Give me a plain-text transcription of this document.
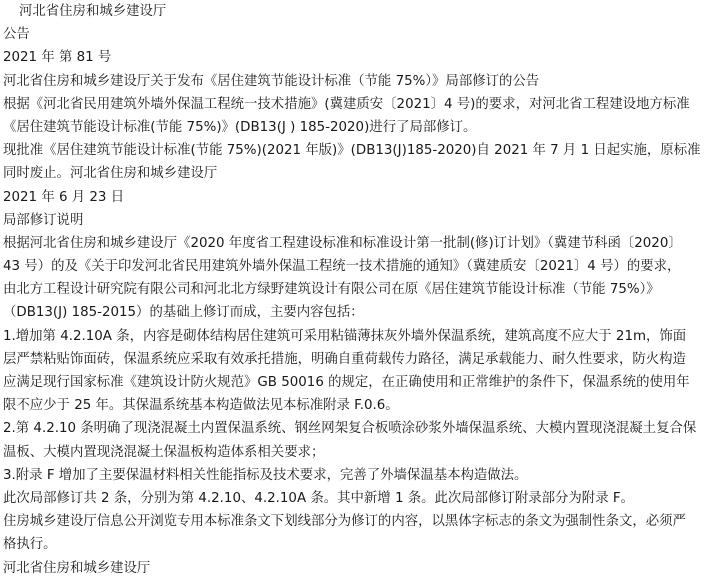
河北省住房和城乡建设厅
公告
2021 年 第 81 号
河北省住房和城乡建设厅关于发布《居住建筑节能设计标准（节能 75%）》局部修订的公告
根据《河北省民用建筑外墙外保温工程统一技术措施》(冀建质安〔2021〕4 号)的要求，对河北省工程建设地方标准
《居住建筑节能设计标准(节能 75%)》(DB13(J ) 185-2020)进行了局部修订。
现批准《居住建筑节能设计标准(节能 75%)(2021 年版)》(DB13(J)185-2020)自 2021 年 7 月 1 日起实施，原标准
同时废止。河北省住房和城乡建设厅
2021 年 6 月 23 日
局部修订说明
根据河北省住房和城乡建设厅《2020 年度省工程建设标准和标准设计第一批制(修)订计划》（冀建节科函〔2020〕
43 号）的及《关于印发河北省民用建筑外墙外保温工程统一技术措施的通知》（冀建质安〔2021〕4 号）的要求，
由北方工程设计研究院有限公司和河北北方绿野建筑设计有限公司在原《居住建筑节能设计标准（节能 75%）》
（DB13(J) 185-2015）的基础上修订而成，主要内容包括：
1.增加第 4.2.10A 条，内容是砌体结构居住建筑可采用粘锚薄抹灰外墙外保温系统，建筑高度不应大于 21m，饰面
层严禁粘贴饰面砖，保温系统应采取有效承托措施，明确自重荷载传力路径，满足承载能力、耐久性要求，防火构造
应满足现行国家标准《建筑设计防火规范》GB 50016 的规定，在正确使用和正常维护的条件下，保温系统的使用年
限不应少于 25 年。其保温系统基本构造做法见本标准附录 F.0.6。
2.第 4.2.10 条明确了现浇混凝土内置保温系统、钢丝网架复合板喷涂砂浆外墙保温系统、大模内置现浇混凝土复合保
温板、大模内置现浇混凝土保温板构造体系相关要求；
3.附录 F 增加了主要保温材料相关性能指标及技术要求，完善了外墙保温基本构造做法。
此次局部修订共 2 条，分别为第 4.2.10、4.2.10A 条。其中新增 1 条。此次局部修订附录部分为附录 F。
住房城乡建设厅信息公开浏览专用本标准条文下划线部分为修订的内容，以黑体字标志的条文为强制性条文，必须严
格执行。
河北省住房和城乡建设厅
